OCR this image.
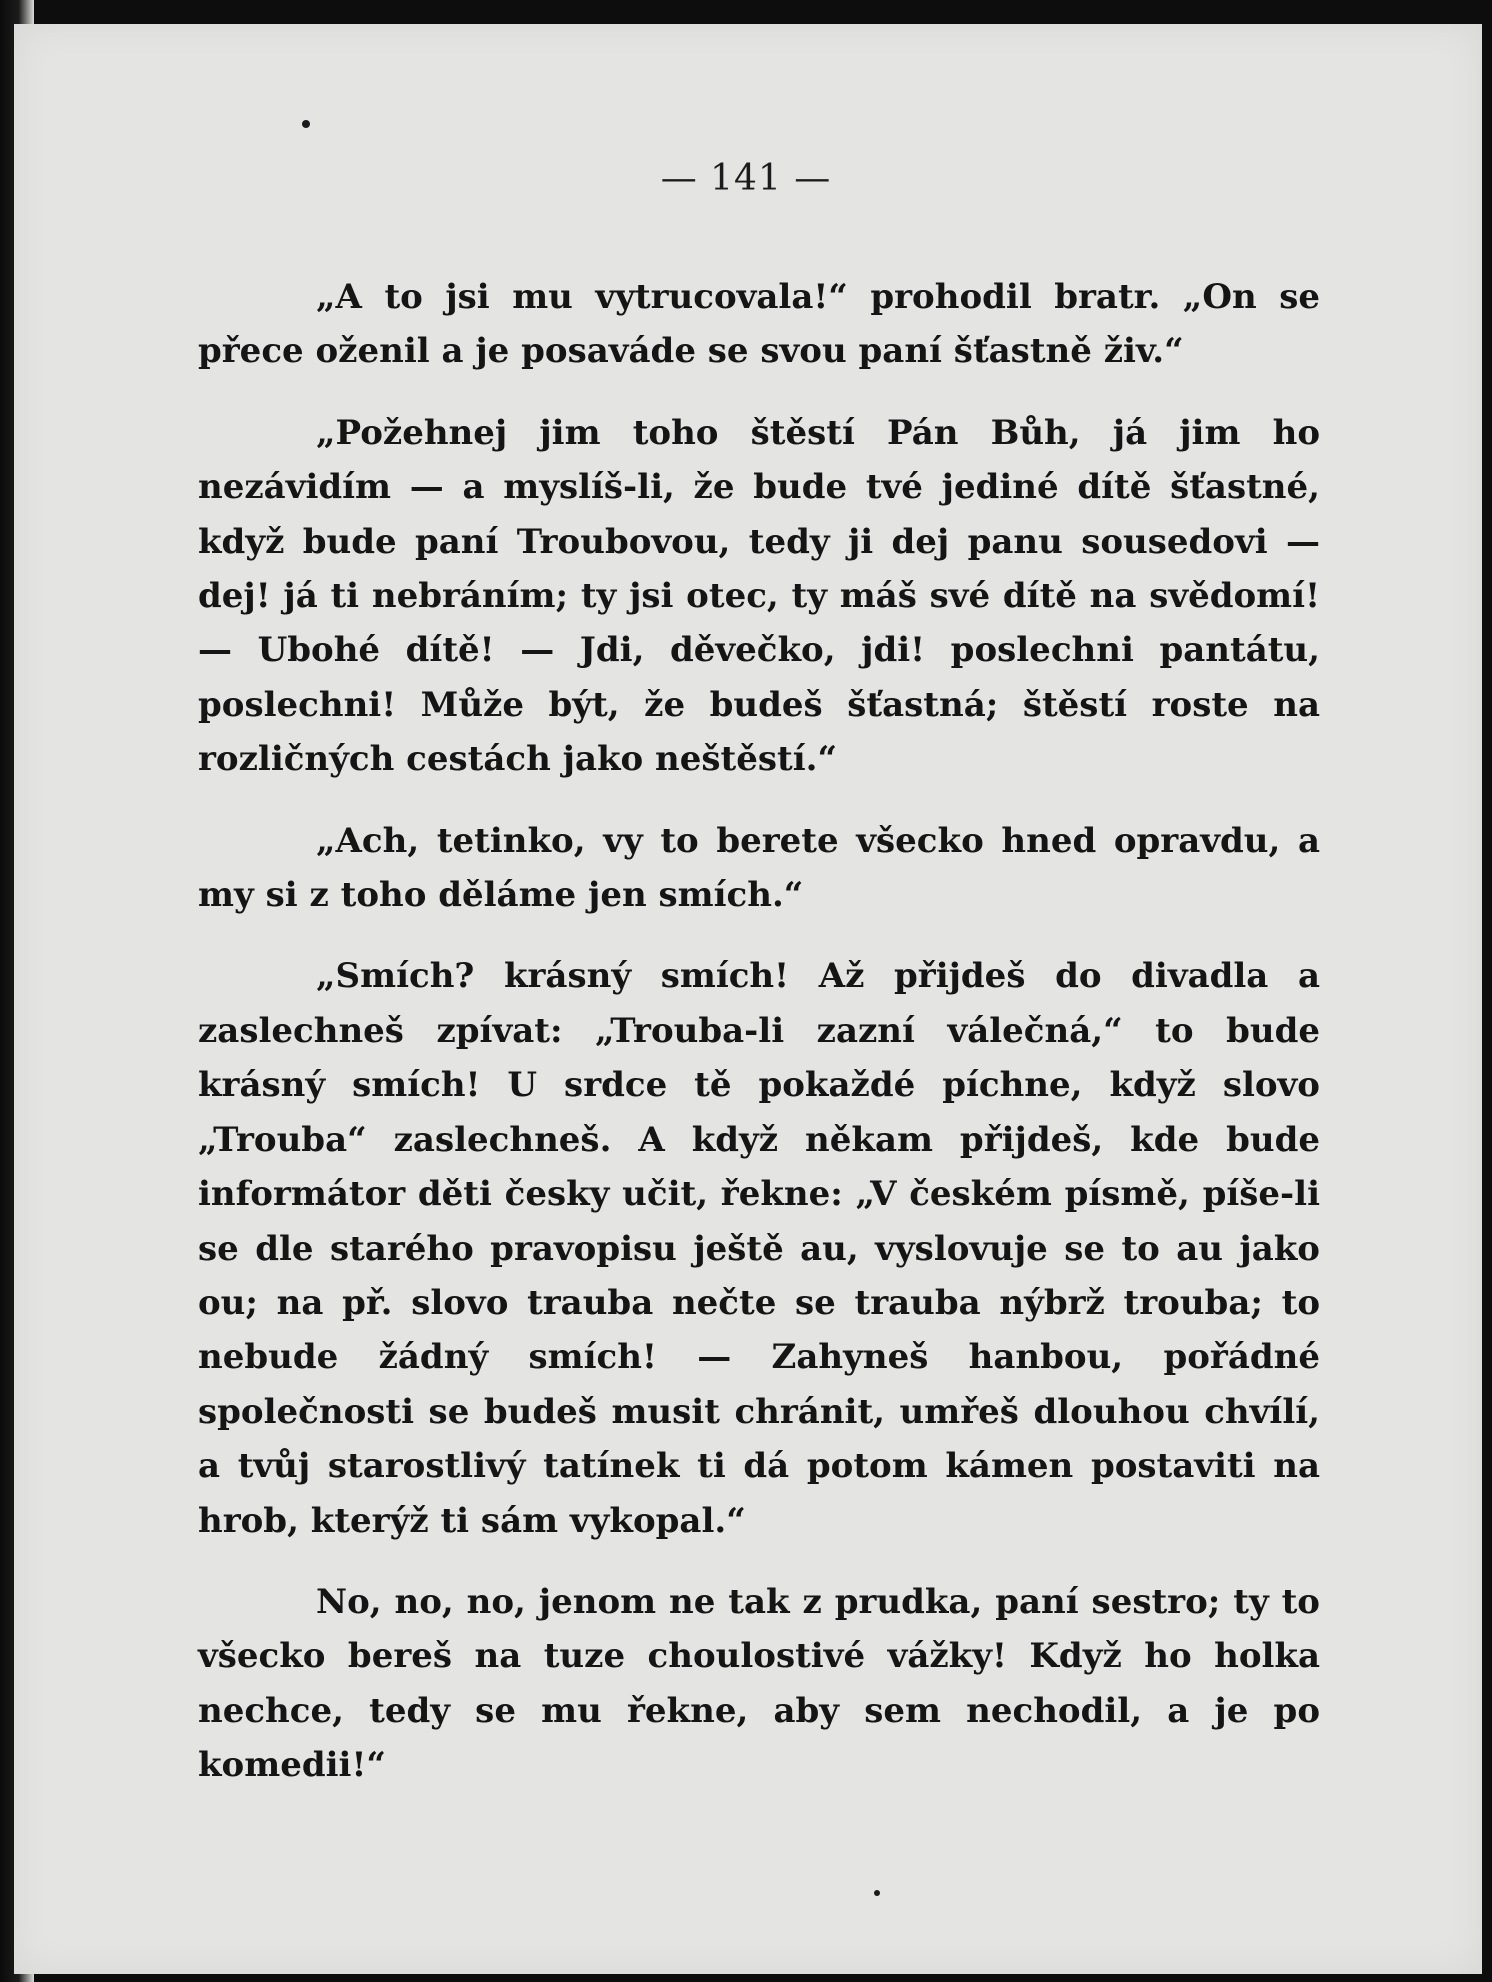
— 141 —

„A to jsi mu vytrucovala!“ prohodil bratr. „On se přece oženil a je posaváde se svou paní šťastně živ.“

„Požehnej jim toho štěstí Pán Bůh, já jim ho nezávidím — a myslíš-li, že bude tvé jediné dítě šťastné, když bude paní Troubovou, tedy ji dej panu sousedovi — dej! já ti nebráním; ty jsi otec, ty máš své dítě na svědomí! — Ubohé dítě! — Jdi, děvečko, jdi! poslechni pantátu, poslechni! Může být, že budeš šťastná; štěstí roste na rozličných cestách jako neštěstí.“

„Ach, tetinko, vy to berete všecko hned opravdu, a my si z toho děláme jen smích.“

„Smích? krásný smích! Až přijdeš do divadla a zaslechneš zpívat: „Trouba-li zazní válečná,“ to bude krásný smích! U srdce tě pokaždé píchne, když slovo „Trouba“ zaslechneš. A když někam přijdeš, kde bude informátor děti česky učit, řekne: „V českém písmě, píše-li se dle starého pravopisu ještě au, vyslovuje se to au jako ou; na př. slovo trauba nečte se trauba nýbrž trouba; to nebude žádný smích! — Zahyneš hanbou, pořádné společnosti se budeš musit chránit, umřeš dlouhou chvílí, a tvůj starostlivý tatínek ti dá potom kámen postaviti na hrob, kterýž ti sám vykopal.“

No, no, no, jenom ne tak z prudka, paní sestro; ty to všecko bereš na tuze choulostivé vážky! Když ho holka nechce, tedy se mu řekne, aby sem nechodil, a je po komedii!“
